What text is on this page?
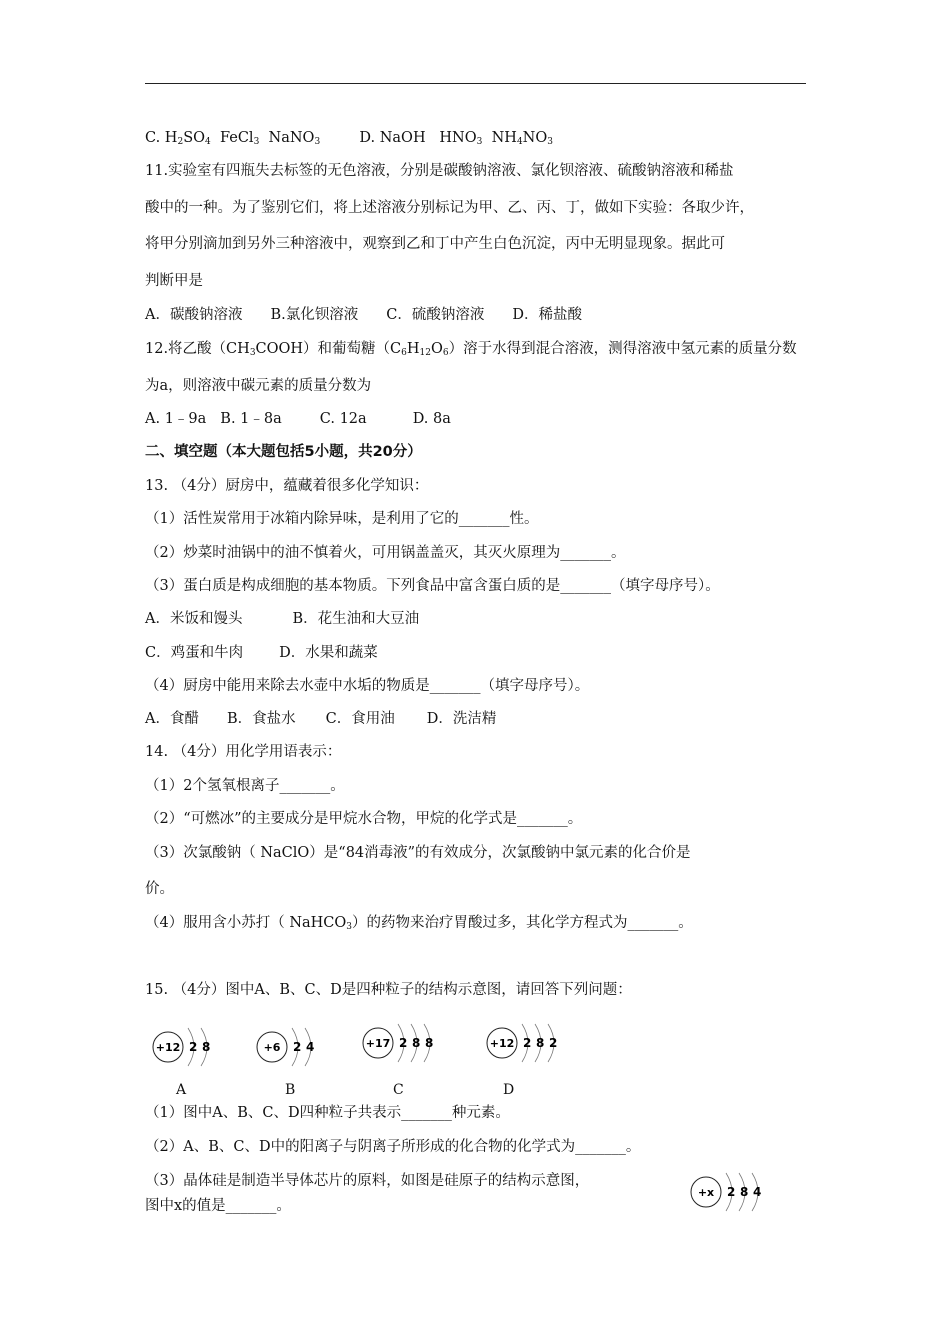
C. $H_2SO_4$  FeCl$_3$  NaNO$_3$	D. NaOH   $HNO_3$  $NH_4NO_3$
11.实验室有四瓶失去标签的无色溶液，分别是碳酸钠溶液、氯化钡溶液、硫酸钠溶液和稀盐
酸中的一种。为了鉴别它们，将上述溶液分别标记为甲、乙、丙、丁，做如下实验：各取少许，
将甲分别滴加到另外三种溶液中，观察到乙和丁中产生白色沉淀，丙中无明显现象。据此可
判断甲是
A．碳酸钠溶液 B.氯化钡溶液 C．硫酸钠溶液 D．稀盐酸
12.将乙酸$(CH_3COOH)$和葡萄糖$(C_6H_{12}O_6)$溶于水得到混合溶液，测得溶液中氢元素的质量分数
为a，则溶液中碳元素的质量分数为
A. 1﹣9a B. 1﹣8a	C. 12a	D. 8a
二、填空题（本大题包括5小题，共20分）
13. （4分）厨房中，蕴藏着很多化学知识：
（1）活性炭常用于冰箱内除异味，是利用了它的_______性。
（2）炒菜时油锅中的油不慎着火，可用锅盖盖灭，其灭火原理为_______。
（3）蛋白质是构成细胞的基本物质。下列食品中富含蛋白质的是_______（填字母序号）。
A．米饭和馒头	B．花生油和大豆油
C．鸡蛋和牛肉 D．水果和蔬菜
（4）厨房中能用来除去水壶中水垢的物质是_______（填字母序号）。
A．食醋 B．食盐水 C．食用油 D．洗洁精
14. （4分）用化学用语表示：
（1）2个氢氧根离子_______。
（2）“可燃冰”的主要成分是甲烷水合物，甲烷的化学式是_______。
（3）次氯酸钠（ NaClO）是“84消毒液”的有效成分，次氯酸钠中氯元素的化合价是
价。
（4）服用含小苏打（ NaHCO$_3$）的药物来治疗胃酸过多，其化学方程式为_______。
15. （4分）图中A、B、C、D是四种粒子的结构示意图，请回答下列问题：
+12 2 8
A
+6 2 4
B
+17 2 8 8
C
+12 2 8 2
D
+x 2 8 4
（1）图中A、B、C、D四种粒子共表示_______种元素。
（2）A、B、C、D中的阳离子与阴离子所形成的化合物的化学式为_______。
（3）晶体硅是制造半导体芯片的原料，如图是硅原子的结构示意图，
图中x的值是_______。
